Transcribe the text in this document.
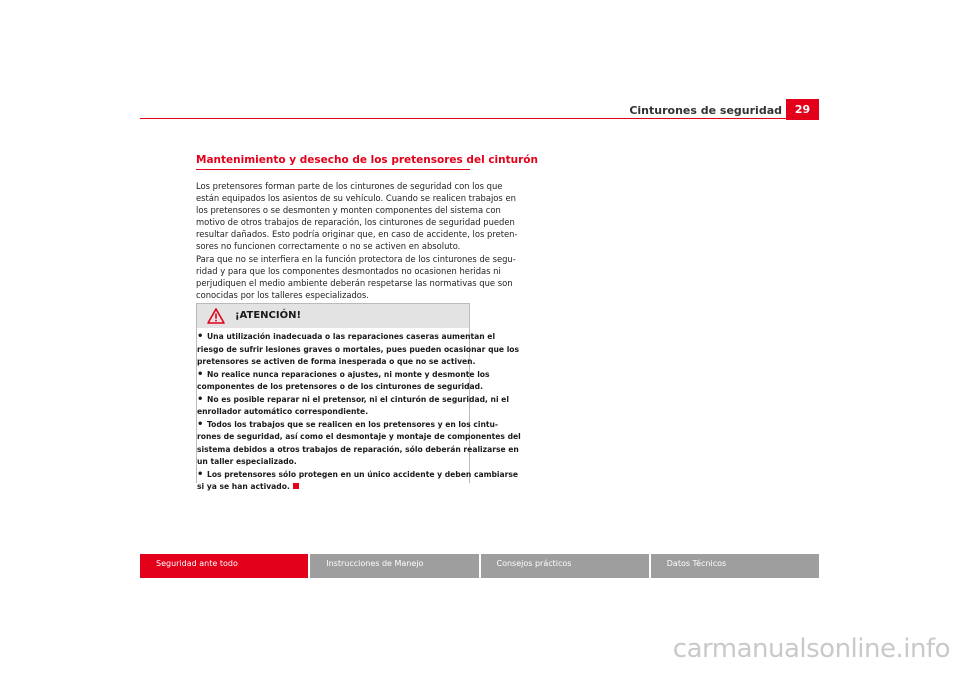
Cinturones de seguridad	29
Mantenimiento y desecho de los pretensores del cinturón
Los pretensores forman parte de los cinturones de seguridad con los que
están equipados los asientos de su vehículo. Cuando se realicen trabajos en
los pretensores o se desmonten y monten componentes del sistema con
motivo de otros trabajos de reparación, los cinturones de seguridad pueden
resultar dañados. Esto podría originar que, en caso de accidente, los preten-
sores no funcionen correctamente o no se activen en absoluto.
Para que no se interfiera en la función protectora de los cinturones de segu-
ridad y para que los componentes desmontados no ocasionen heridas ni
perjudiquen el medio ambiente deberán respetarse las normativas que son
conocidas por los talleres especializados.
¡ATENCIÓN!
• Una utilización inadecuada o las reparaciones caseras aumentan el
riesgo de sufrir lesiones graves o mortales, pues pueden ocasionar que los
pretensores se activen de forma inesperada o que no se activen.
• No realice nunca reparaciones o ajustes, ni monte y desmonte los
componentes de los pretensores o de los cinturones de seguridad.
• No es posible reparar ni el pretensor, ni el cinturón de seguridad, ni el
enrollador automático correspondiente.
• Todos los trabajos que se realicen en los pretensores y en los cintu-
rones de seguridad, así como el desmontaje y montaje de componentes del
sistema debidos a otros trabajos de reparación, sólo deberán realizarse en
un taller especializado.
• Los pretensores sólo protegen en un único accidente y deben cambiarse
si ya se han activado.
Seguridad ante todo	Instrucciones de Manejo	Consejos prácticos	Datos Técnicos
carmanualsonline.info
